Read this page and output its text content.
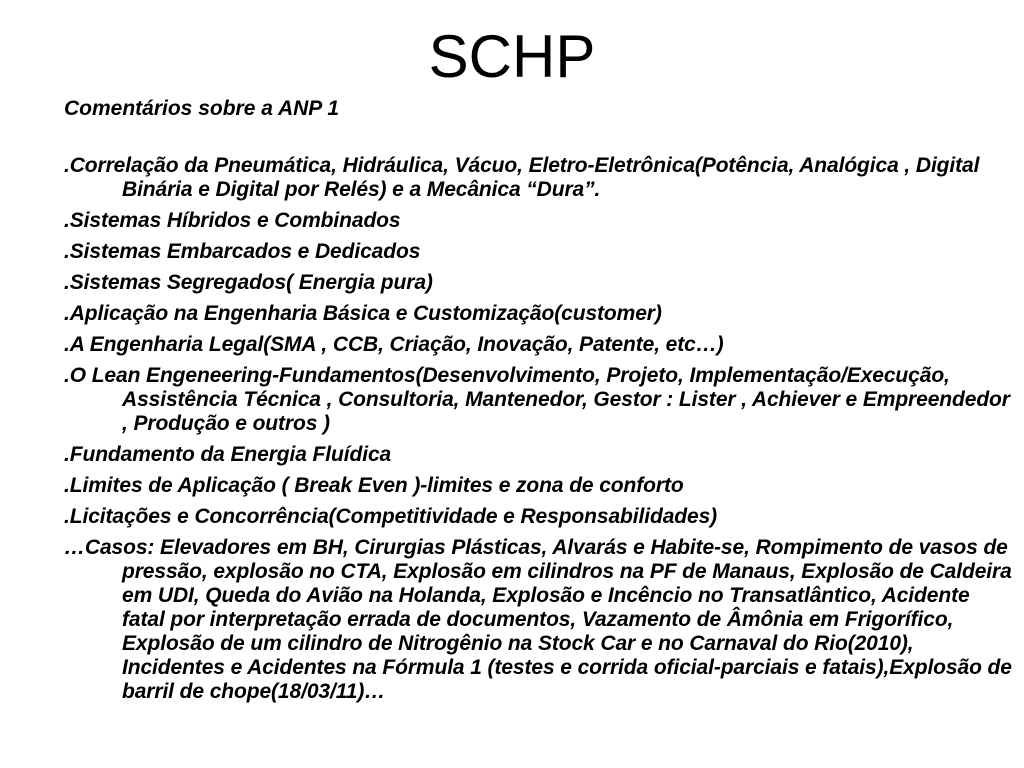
SCHP
Comentários sobre a ANP 1
.Correlação da Pneumática, Hidráulica, Vácuo, Eletro-Eletrônica(Potência, Analógica , Digital Binária e Digital por Relés) e a Mecânica “Dura”.
.Sistemas Híbridos e Combinados
.Sistemas Embarcados e Dedicados
.Sistemas Segregados( Energia pura)
.Aplicação na Engenharia Básica e Customização(customer)
.A Engenharia Legal(SMA , CCB, Criação, Inovação, Patente, etc…)
.O Lean Engeneering-Fundamentos(Desenvolvimento, Projeto, Implementação/Execução, Assistência Técnica , Consultoria, Mantenedor, Gestor : Lister , Achiever e Empreendedor , Produção e outros )
.Fundamento da Energia Fluídica
.Limites de Aplicação ( Break Even )-limites e zona de conforto
.Licitações e Concorrência(Competitividade e Responsabilidades)
…Casos: Elevadores em BH, Cirurgias Plásticas, Alvarás e Habite-se, Rompimento de vasos de pressão, explosão no CTA, Explosão em cilindros na PF de Manaus, Explosão de Caldeira em UDI, Queda do Avião na Holanda, Explosão e Incêncio no Transatlântico, Acidente fatal por interpretação errada de documentos, Vazamento de Âmônia em Frigorífico, Explosão de um cilindro de Nitrogênio na Stock Car e no Carnaval do Rio(2010), Incidentes e Acidentes na Fórmula 1 (testes e corrida oficial-parciais e fatais),Explosão de barril de chope(18/03/11)…
